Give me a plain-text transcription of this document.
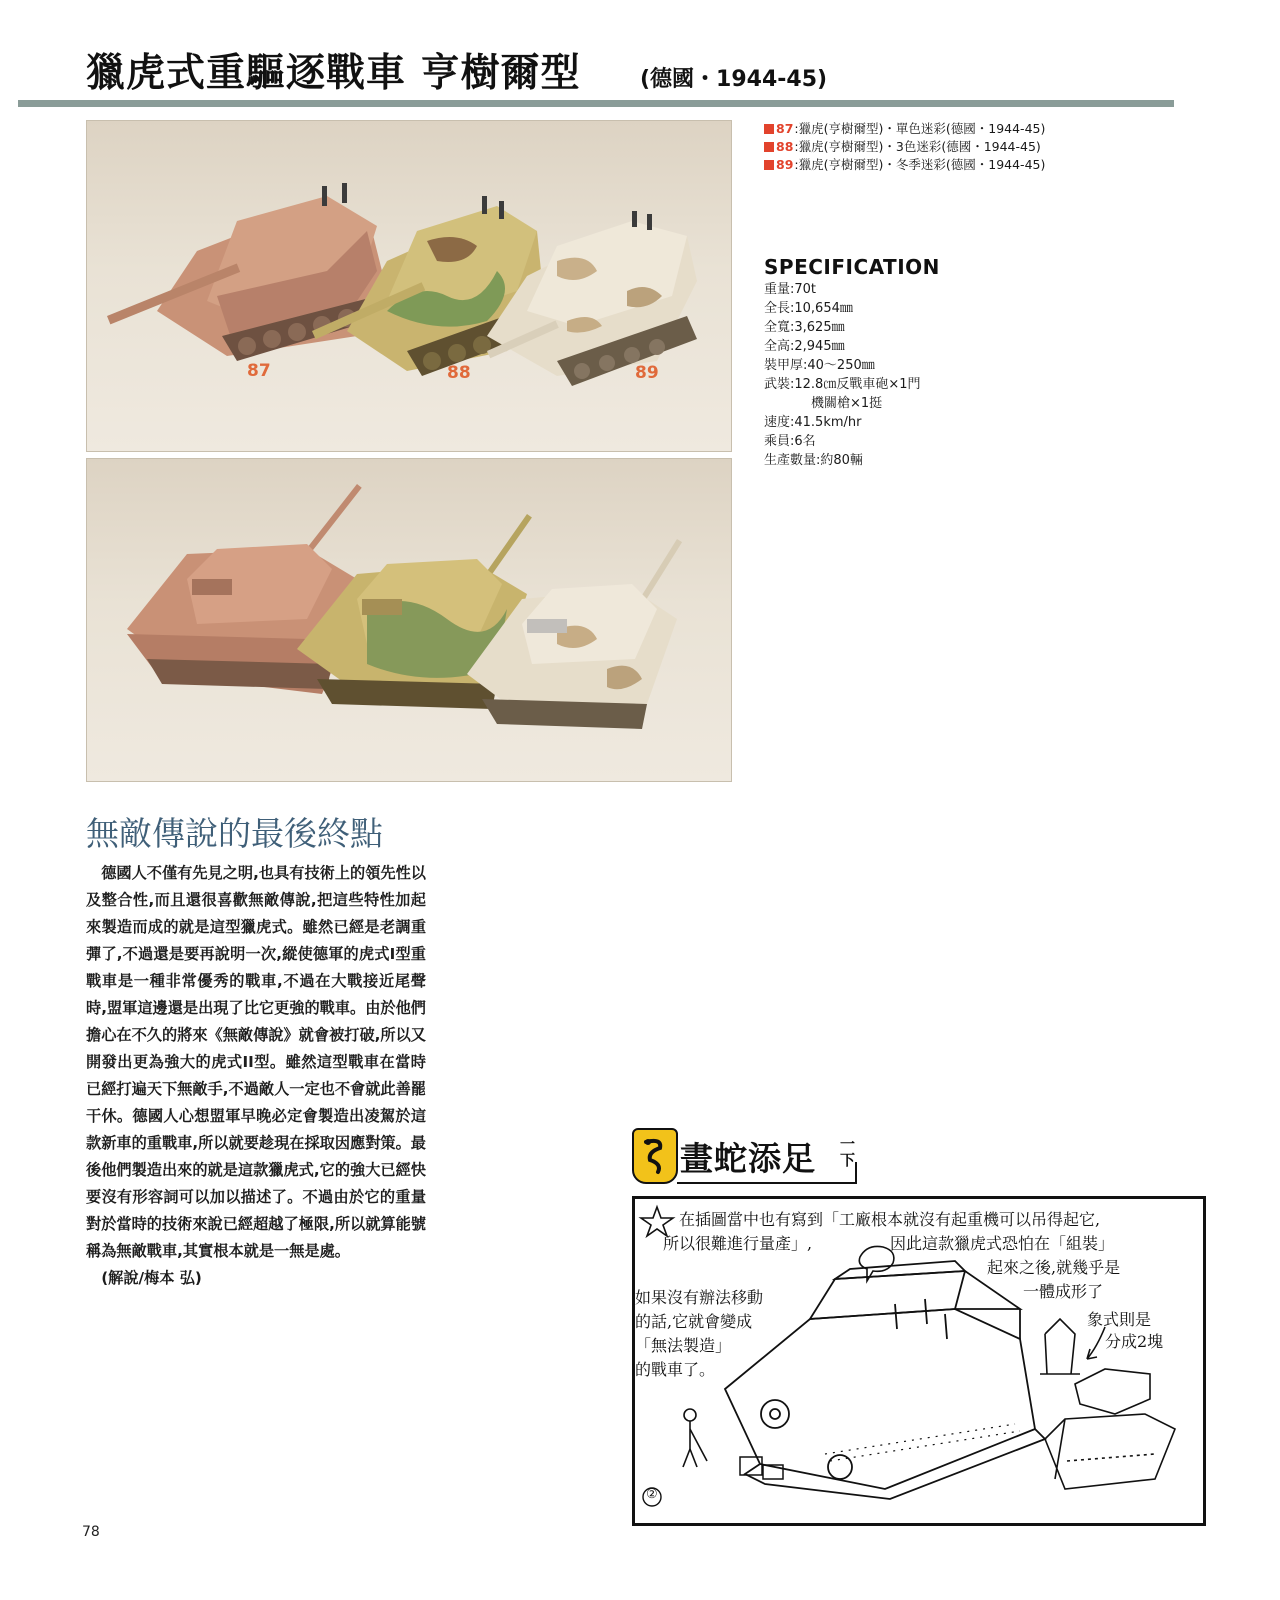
獵虎式重驅逐戰車 亨樹爾型	(德國・1944-45)
87	88	89
87 :獵虎(亨樹爾型)・單色迷彩(德國・1944-45)
88 :獵虎(亨樹爾型)・3色迷彩(德國・1944-45)
89 :獵虎(亨樹爾型)・冬季迷彩(德國・1944-45)
SPECIFICATION
重量:70t
全長:10,654㎜
全寬:3,625㎜
全高:2,945㎜
裝甲厚:40〜250㎜
武裝:12.8㎝反戰車砲×1門
機關槍×1挺
速度:41.5km/hr
乘員:6名
生產數量:約80輛
無敵傳說的最後終點

德國人不僅有先見之明,也具有技術上的領先性以及整合性,而且還很喜歡無敵傳說,把這些特性加起來製造而成的就是這型獵虎式。雖然已經是老調重彈了,不過還是要再說明一次,縱使德軍的虎式I型重戰車是一種非常優秀的戰車,不過在大戰接近尾聲時,盟軍這邊還是出現了比它更強的戰車。由於他們擔心在不久的將來《無敵傳說》就會被打破,所以又開發出更為強大的虎式II型。雖然這型戰車在當時已經打遍天下無敵手,不過敵人一定也不會就此善罷干休。德國人心想盟軍早晚必定會製造出凌駕於這款新車的重戰車,所以就要趁現在採取因應對策。最後他們製造出來的就是這款獵虎式,它的強大已經快要沒有形容詞可以加以描述了。不過由於它的重量對於當時的技術來說已經超越了極限,所以就算能號稱為無敵戰車,其實根本就是一無是處。

(解說/梅本 弘)

78
畫蛇添足 一
下
在插圖當中也有寫到「工廠根本就沒有起重機可以吊得起它,
所以很難進行量產」,	因此這款獵虎式恐怕在「組裝」
起來之後,就幾乎是
一體成形了
如果沒有辦法移動
的話,它就會變成
「無法製造」
的戰車了。
象式則是
分成2塊
②
